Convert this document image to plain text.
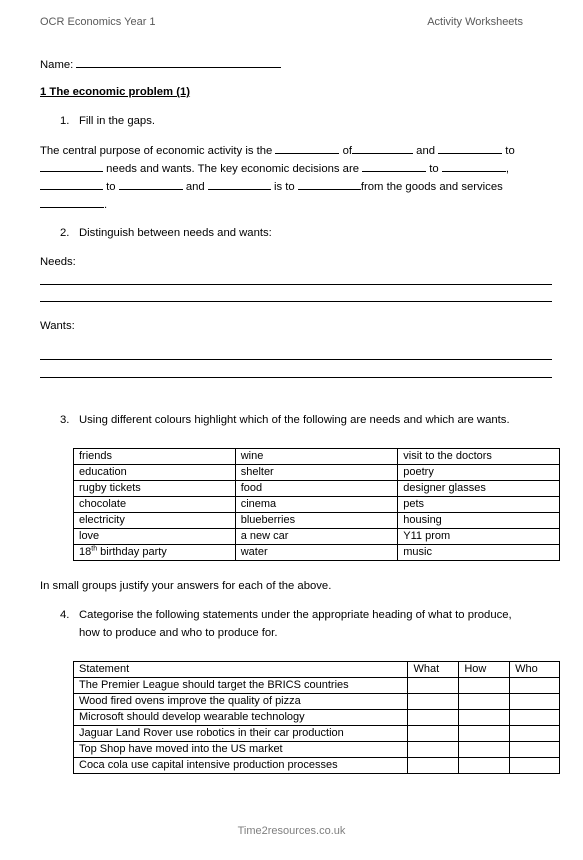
OCR Economics Year 1	Activity Worksheets
Name:
1 The economic problem (1)
1. Fill in the gaps.
The central purpose of economic activity is the	of	and	to
needs and wants. The key economic decisions are	to	,
to	and	is to	from the goods and services
.
2. Distinguish between needs and wants:
Needs:
Wants:
3. Using different colours highlight which of the following are needs and which are wants.
friends	wine	visit to the doctors
education	shelter	poetry
rugby tickets	food	designer glasses
chocolate	cinema	pets
electricity	blueberries	housing
love	a new car	Y11 prom
18th birthday party	water	music
In small groups justify your answers for each of the above.
4. Categorise the following statements under the appropriate heading of what to produce,
how to produce and who to produce for.
Statement	What	How	Who
The Premier League should target the BRICS countries			
Wood fired ovens improve the quality of pizza			
Microsoft should develop wearable technology			
Jaguar Land Rover use robotics in their car production			
Top Shop have moved into the US market			
Coca cola use capital intensive production processes			
Time2resources.co.uk
